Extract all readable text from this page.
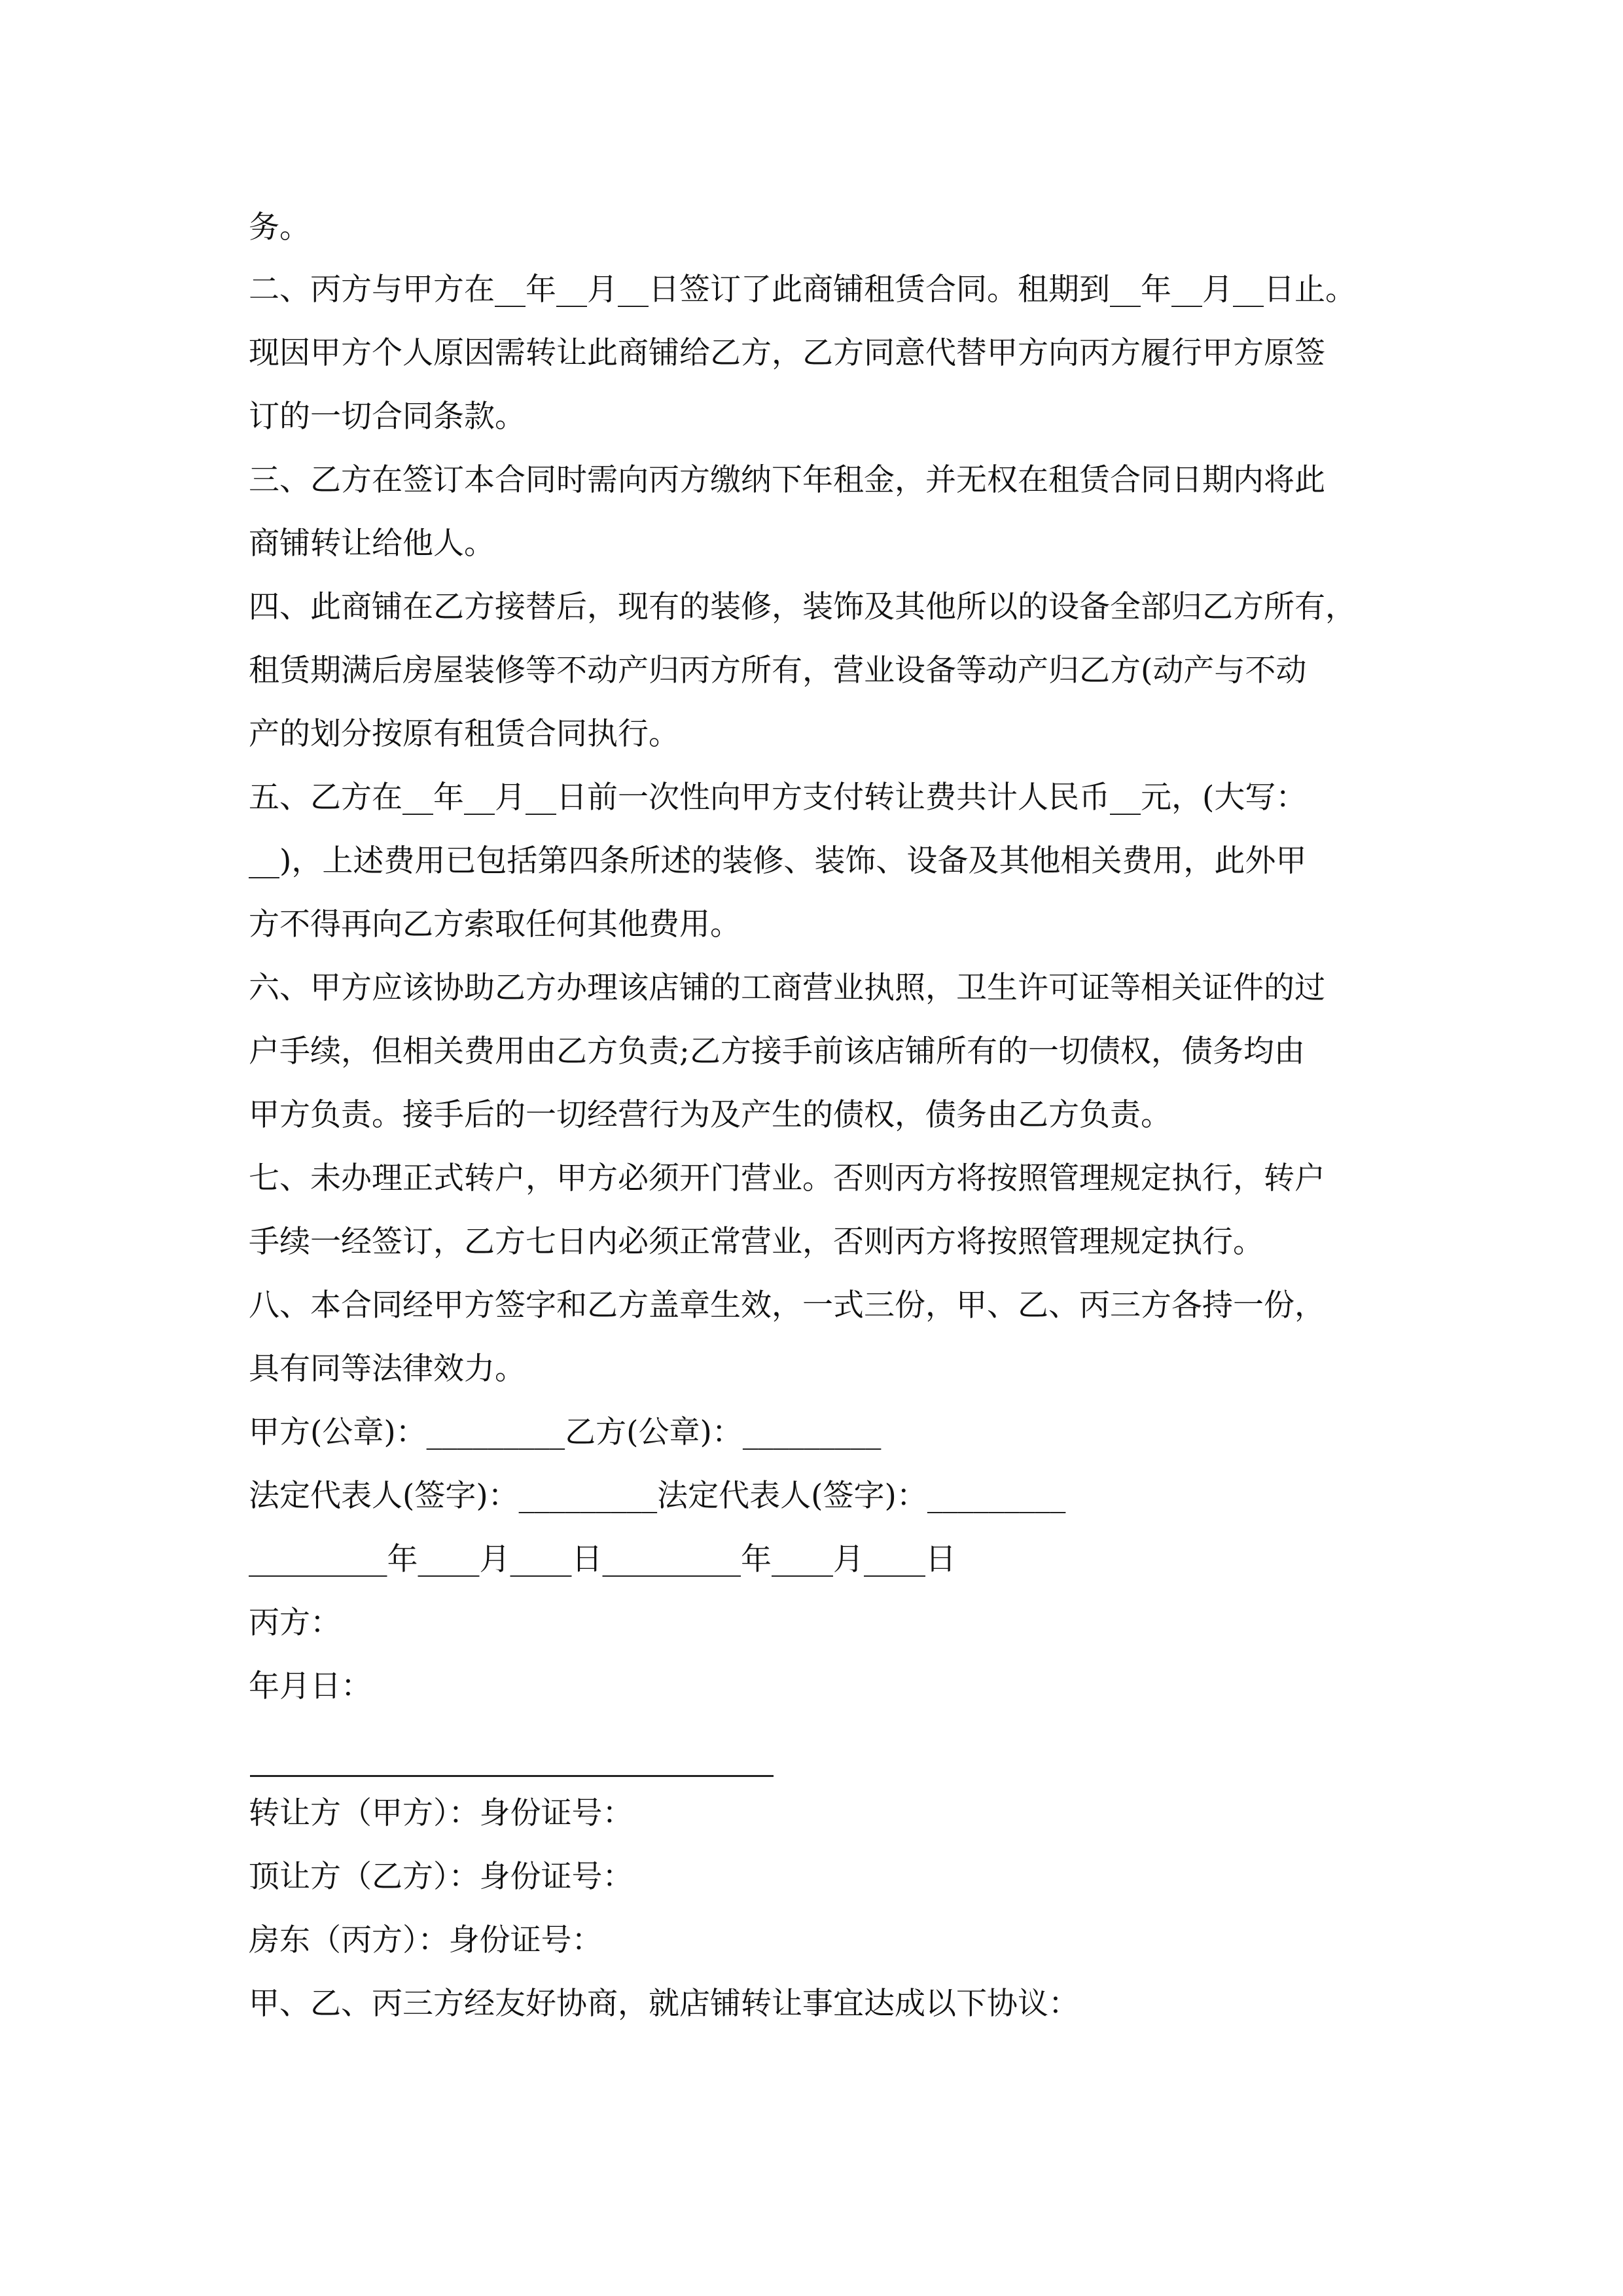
务。
二、丙方与甲方在__年__月__日签订了此商铺租赁合同。租期到__年__月__日止。
现因甲方个人原因需转让此商铺给乙方，乙方同意代替甲方向丙方履行甲方原签
订的一切合同条款。
三、乙方在签订本合同时需向丙方缴纳下年租金，并无权在租赁合同日期内将此
商铺转让给他人。
四、此商铺在乙方接替后，现有的装修，装饰及其他所以的设备全部归乙方所有，
租赁期满后房屋装修等不动产归丙方所有，营业设备等动产归乙方(动产与不动
产的划分按原有租赁合同执行。
五、乙方在__年__月__日前一次性向甲方支付转让费共计人民币__元，(大写：
__)，上述费用已包括第四条所述的装修、装饰、设备及其他相关费用，此外甲
方不得再向乙方索取任何其他费用。
六、甲方应该协助乙方办理该店铺的工商营业执照，卫生许可证等相关证件的过
户手续，但相关费用由乙方负责;乙方接手前该店铺所有的一切债权，债务均由
甲方负责。接手后的一切经营行为及产生的债权，债务由乙方负责。
七、未办理正式转户，甲方必须开门营业。否则丙方将按照管理规定执行，转户
手续一经签订，乙方七日内必须正常营业，否则丙方将按照管理规定执行。
八、本合同经甲方签字和乙方盖章生效，一式三份，甲、乙、丙三方各持一份，
具有同等法律效力。
甲方(公章)：_________乙方(公章)：_________
法定代表人(签字)：_________法定代表人(签字)：_________
_________年____月____日_________年____月____日
丙方：
年月日：
转让方（甲方）：身份证号：
顶让方（乙方）：身份证号：
房东（丙方）：身份证号：
甲、乙、丙三方经友好协商，就店铺转让事宜达成以下协议：
